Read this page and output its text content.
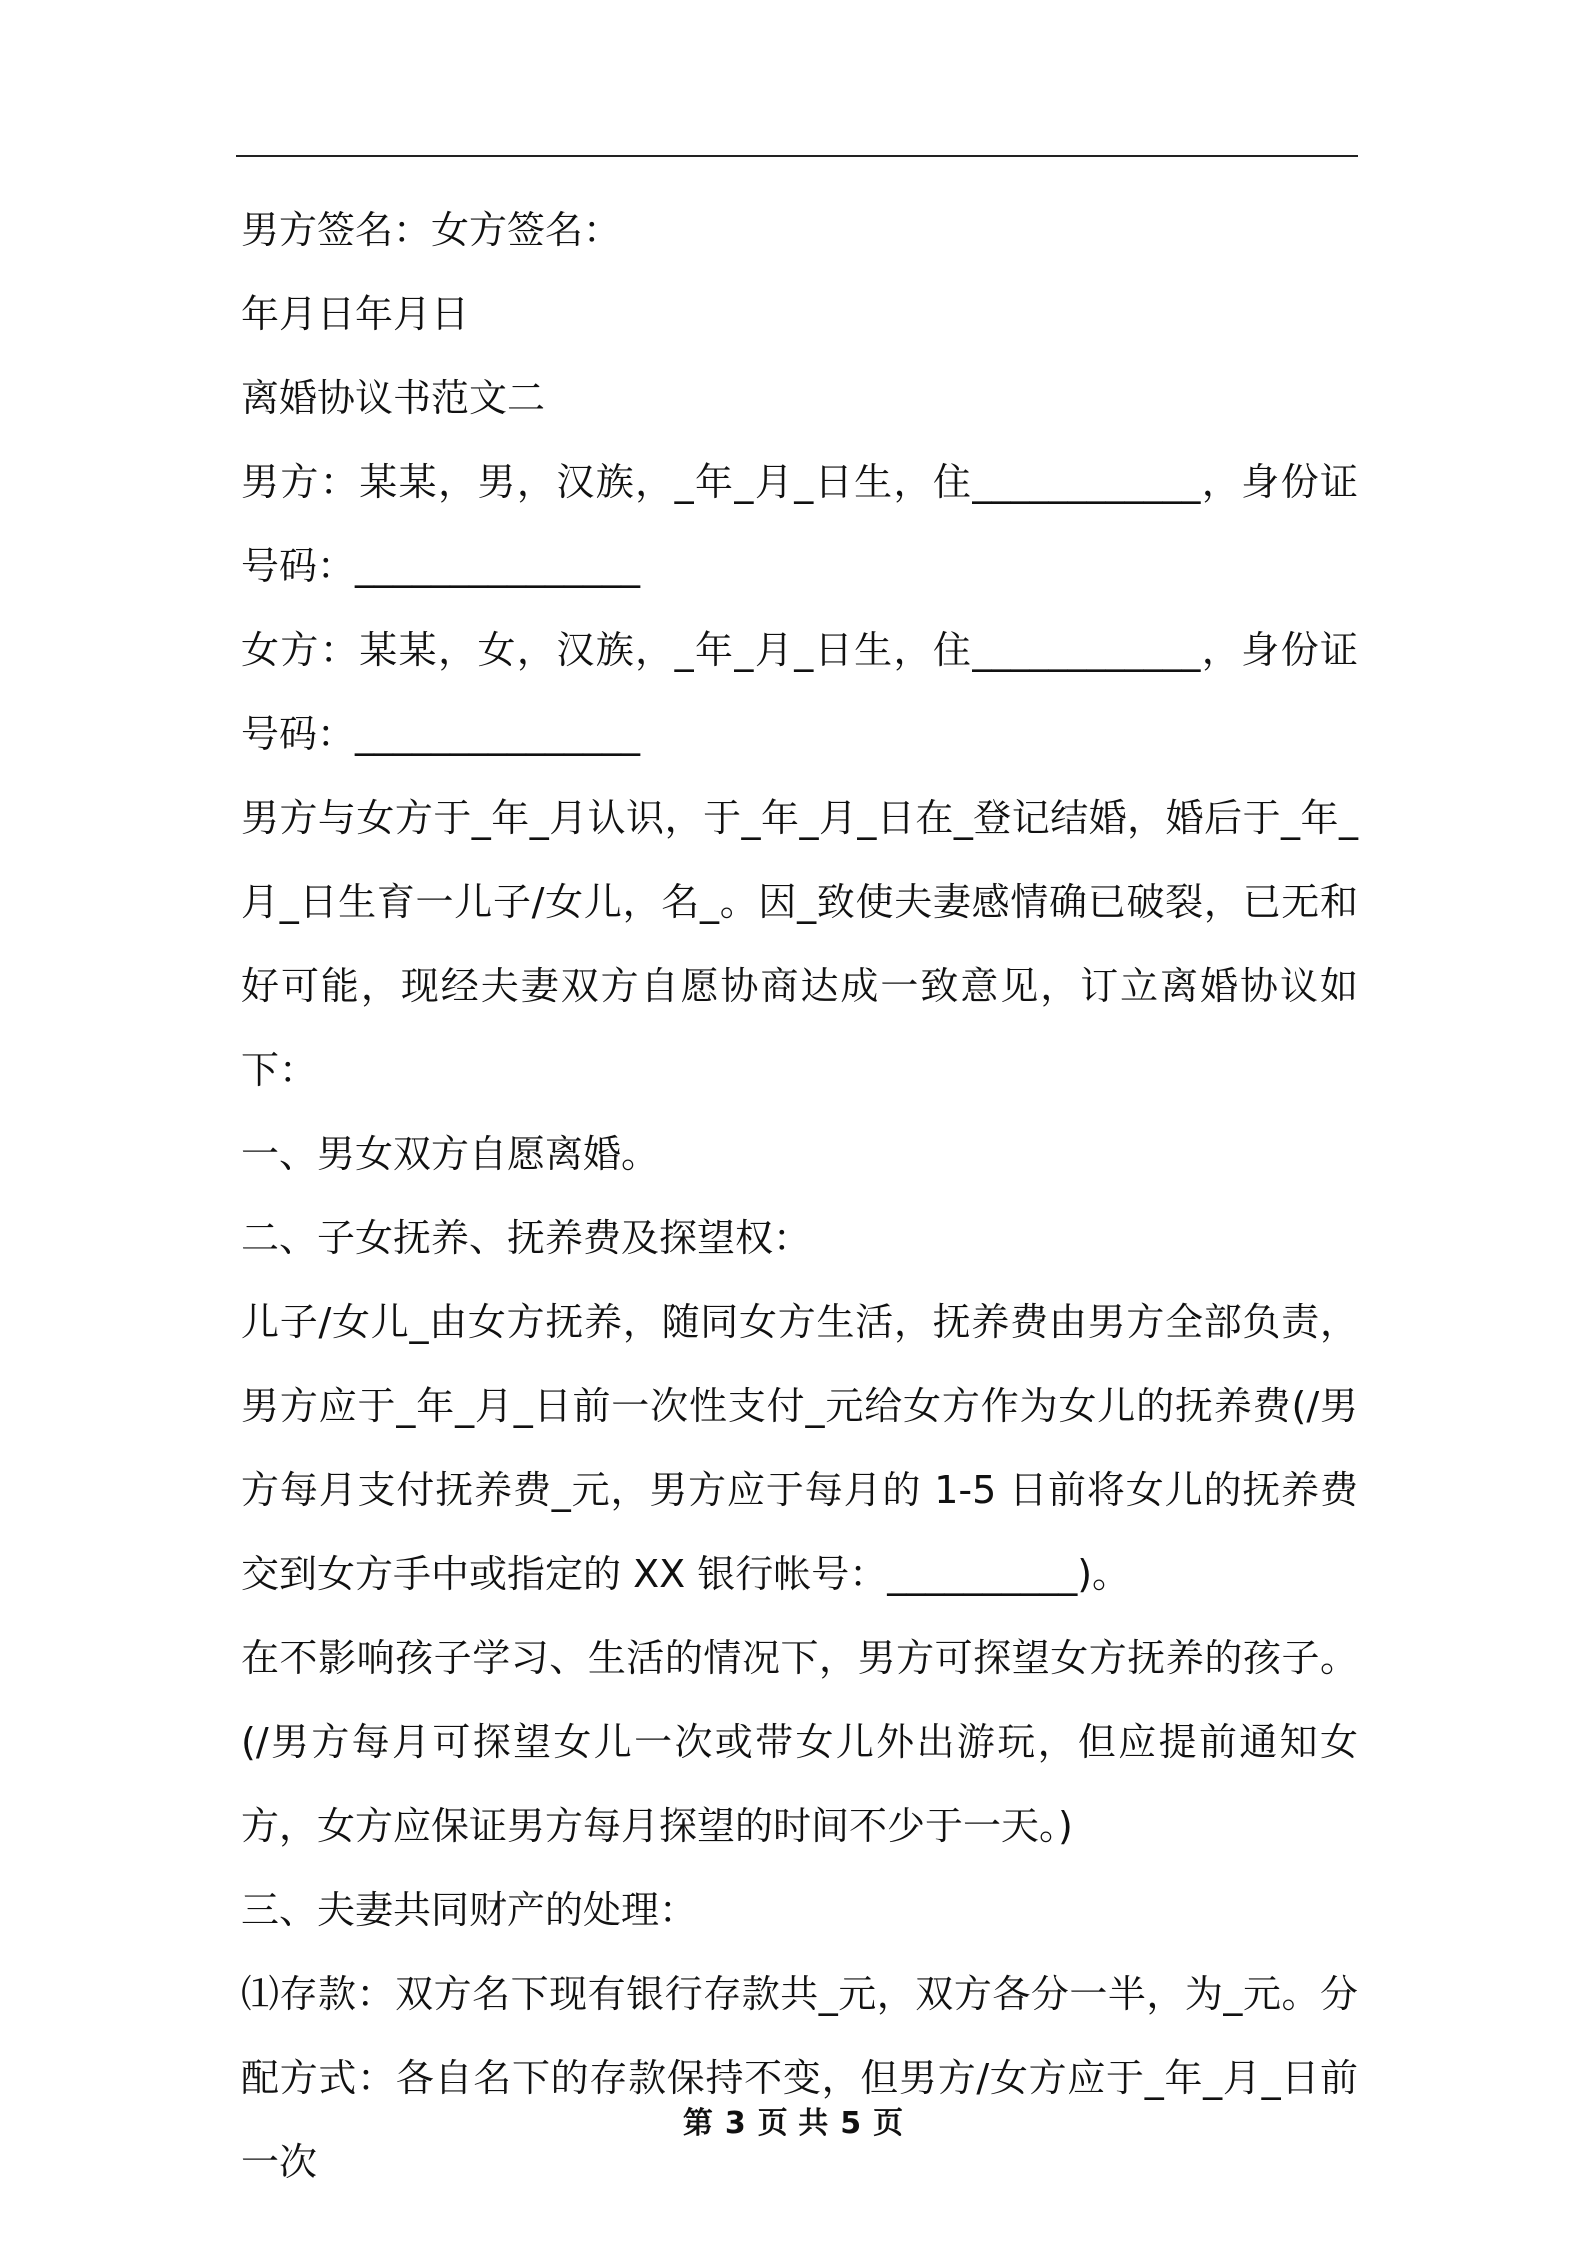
男方签名：女方签名：

年月日年月日

离婚协议书范文二

男方：某某，男，汉族，_年_月_日生，住____________，身份证号码：_______________

女方：某某，女，汉族，_年_月_日生，住____________，身份证号码：_______________

男方与女方于_年_月认识，于_年_月_日在_登记结婚，婚后于_年_月_日生育一儿子/女儿，名_。因_致使夫妻感情确已破裂，已无和好可能，现经夫妻双方自愿协商达成一致意见，订立离婚协议如下：

一、男女双方自愿离婚。

二、子女抚养、抚养费及探望权：

儿子/女儿_由女方抚养，随同女方生活，抚养费由男方全部负责，男方应于_年_月_日前一次性支付_元给女方作为女儿的抚养费(/男方每月支付抚养费_元，男方应于每月的 1-5 日前将女儿的抚养费交到女方手中或指定的 XX 银行帐号：__________)。

在不影响孩子学习、生活的情况下，男方可探望女方抚养的孩子。(/男方每月可探望女儿一次或带女儿外出游玩，但应提前通知女方，女方应保证男方每月探望的时间不少于一天。)

三、夫妻共同财产的处理：

⑴存款：双方名下现有银行存款共_元，双方各分一半，为_元。分配方式：各自名下的存款保持不变，但男方/女方应于_年_月_日前一次

第 3 页 共 5 页
